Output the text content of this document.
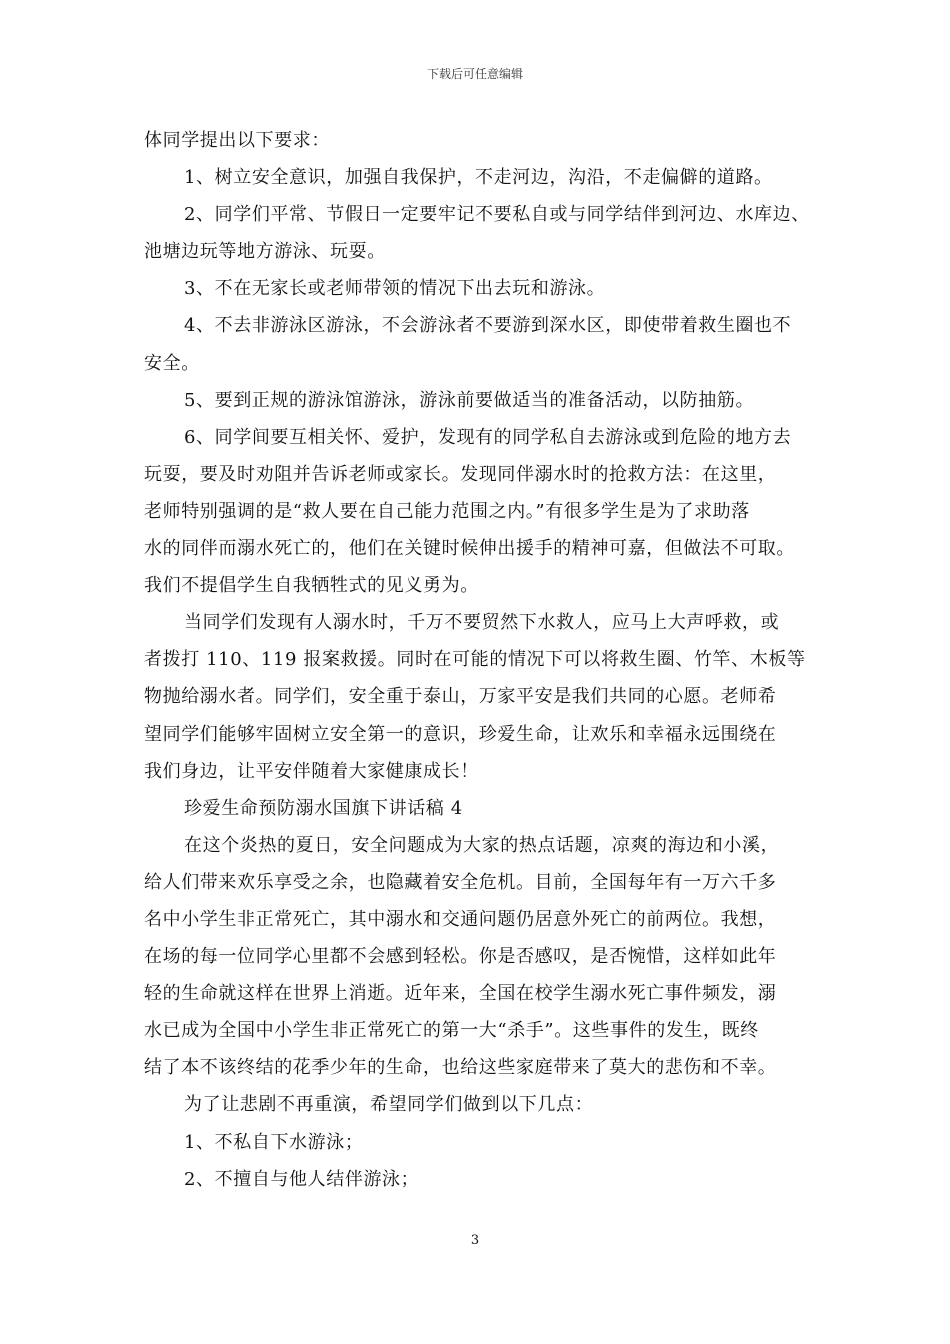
下载后可任意编辑
体同学提出以下要求：
1、树立安全意识，加强自我保护，不走河边，沟沿，不走偏僻的道路。
2、同学们平常、节假日一定要牢记不要私自或与同学结伴到河边、水库边、
池塘边玩等地方游泳、玩耍。
3、不在无家长或老师带领的情况下出去玩和游泳。
4、不去非游泳区游泳，不会游泳者不要游到深水区，即使带着救生圈也不
安全。
5、要到正规的游泳馆游泳，游泳前要做适当的准备活动，以防抽筋。
6、同学间要互相关怀、爱护，发现有的同学私自去游泳或到危险的地方去
玩耍，要及时劝阻并告诉老师或家长。发现同伴溺水时的抢救方法：在这里，
老师特别强调的是“救人要在自己能力范围之内。”有很多学生是为了求助落
水的同伴而溺水死亡的，他们在关键时候伸出援手的精神可嘉，但做法不可取。
我们不提倡学生自我牺牲式的见义勇为。
当同学们发现有人溺水时，千万不要贸然下水救人，应马上大声呼救，或
者拨打 110、119 报案救援。同时在可能的情况下可以将救生圈、竹竿、木板等
物抛给溺水者。同学们，安全重于泰山，万家平安是我们共同的心愿。老师希
望同学们能够牢固树立安全第一的意识，珍爱生命，让欢乐和幸福永远围绕在
我们身边，让平安伴随着大家健康成长！
珍爱生命预防溺水国旗下讲话稿 4
在这个炎热的夏日，安全问题成为大家的热点话题，凉爽的海边和小溪，
给人们带来欢乐享受之余，也隐藏着安全危机。目前，全国每年有一万六千多
名中小学生非正常死亡，其中溺水和交通问题仍居意外死亡的前两位。我想，
在场的每一位同学心里都不会感到轻松。你是否感叹，是否惋惜，这样如此年
轻的生命就这样在世界上消逝。近年来，全国在校学生溺水死亡事件频发，溺
水已成为全国中小学生非正常死亡的第一大“杀手”。这些事件的发生，既终
结了本不该终结的花季少年的生命，也给这些家庭带来了莫大的悲伤和不幸。
为了让悲剧不再重演，希望同学们做到以下几点：
1、不私自下水游泳；
2、不擅自与他人结伴游泳；
3
